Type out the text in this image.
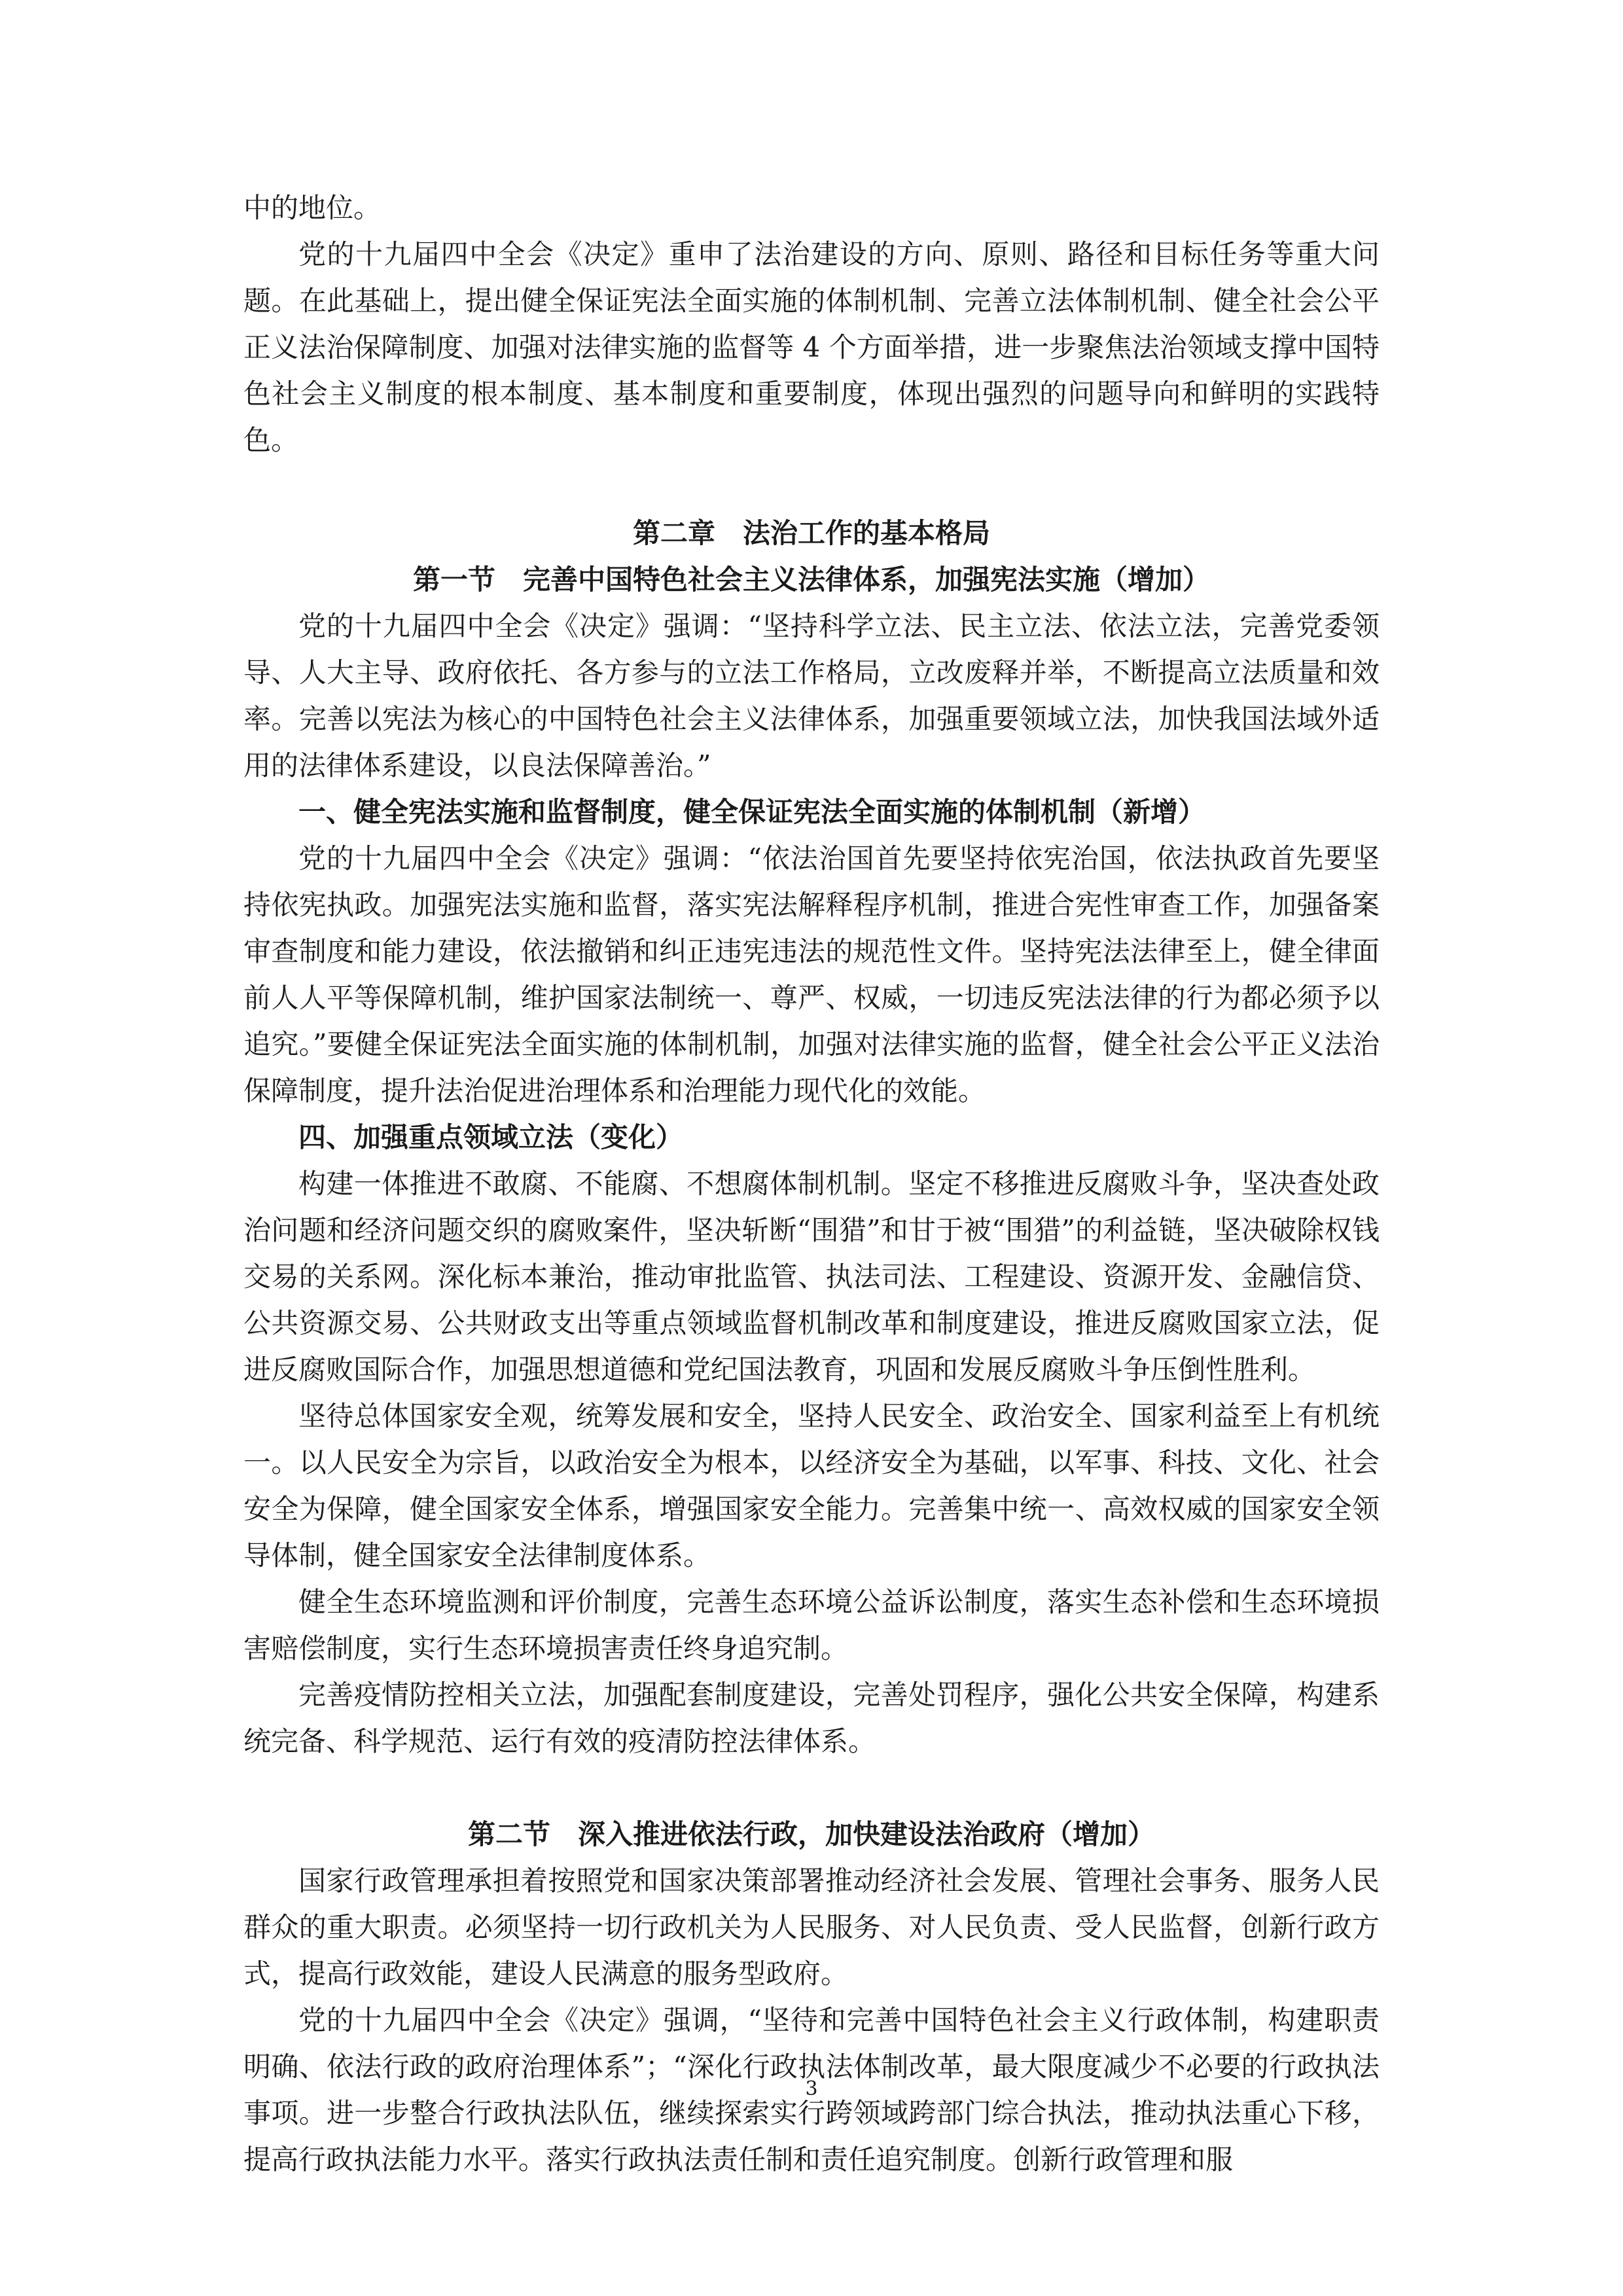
中的地位。

党的十九届四中全会《决定》重申了法治建设的方向、原则、路径和目标任务等重大问题。在此基础上，提出健全保证宪法全面实施的体制机制、完善立法体制机制、健全社会公平正义法治保障制度、加强对法律实施的监督等 4 个方面举措，进一步聚焦法治领域支撑中国特色社会主义制度的根本制度、基本制度和重要制度，体现出强烈的问题导向和鲜明的实践特色。

第二章　法治工作的基本格局

第一节　完善中国特色社会主义法律体系，加强宪法实施（增加）

党的十九届四中全会《决定》强调：“坚持科学立法、民主立法、依法立法，完善党委领导、人大主导、政府依托、各方参与的立法工作格局，立改废释并举，不断提高立法质量和效率。完善以宪法为核心的中国特色社会主义法律体系，加强重要领域立法，加快我国法域外适用的法律体系建设，以良法保障善治。”

一、健全宪法实施和监督制度，健全保证宪法全面实施的体制机制（新增）

党的十九届四中全会《决定》强调：“依法治国首先要坚持依宪治国，依法执政首先要坚持依宪执政。加强宪法实施和监督，落实宪法解释程序机制，推进合宪性审查工作，加强备案审查制度和能力建设，依法撤销和纠正违宪违法的规范性文件。坚持宪法法律至上，健全律面前人人平等保障机制，维护国家法制统一、尊严、权威，一切违反宪法法律的行为都必须予以追究。”要健全保证宪法全面实施的体制机制，加强对法律实施的监督，健全社会公平正义法治保障制度，提升法治促进治理体系和治理能力现代化的效能。

四、加强重点领域立法（变化）

构建一体推进不敢腐、不能腐、不想腐体制机制。坚定不移推进反腐败斗争，坚决查处政治问题和经济问题交织的腐败案件，坚决斩断“围猎”和甘于被“围猎”的利益链，坚决破除权钱交易的关系网。深化标本兼治，推动审批监管、执法司法、工程建设、资源开发、金融信贷、公共资源交易、公共财政支出等重点领域监督机制改革和制度建设，推进反腐败国家立法，促进反腐败国际合作，加强思想道德和党纪国法教育，巩固和发展反腐败斗争压倒性胜利。

坚待总体国家安全观，统筹发展和安全，坚持人民安全、政治安全、国家利益至上有机统一。以人民安全为宗旨，以政治安全为根本，以经济安全为基础，以军事、科技、文化、社会安全为保障，健全国家安全体系，增强国家安全能力。完善集中统一、高效权威的国家安全领导体制，健全国家安全法律制度体系。

健全生态环境监测和评价制度，完善生态环境公益诉讼制度，落实生态补偿和生态环境损害赔偿制度，实行生态环境损害责任终身追究制。

完善疫情防控相关立法，加强配套制度建设，完善处罚程序，强化公共安全保障，构建系统完备、科学规范、运行有效的疫清防控法律体系。

第二节　深入推进依法行政，加快建设法治政府（增加）

国家行政管理承担着按照党和国家决策部署推动经济社会发展、管理社会事务、服务人民群众的重大职责。必须坚持一切行政机关为人民服务、对人民负责、受人民监督，创新行政方式，提高行政效能，建设人民满意的服务型政府。

党的十九届四中全会《决定》强调，“坚待和完善中国特色社会主义行政体制，构建职责明确、依法行政的政府治理体系”；“深化行政执法体制改革，最大限度减少不必要的行政执法事项。进一步整合行政执法队伍，继续探索实行跨领域跨部门综合执法，推动执法重心下移，提高行政执法能力水平。落实行政执法责任制和责任追究制度。创新行政管理和服

3
